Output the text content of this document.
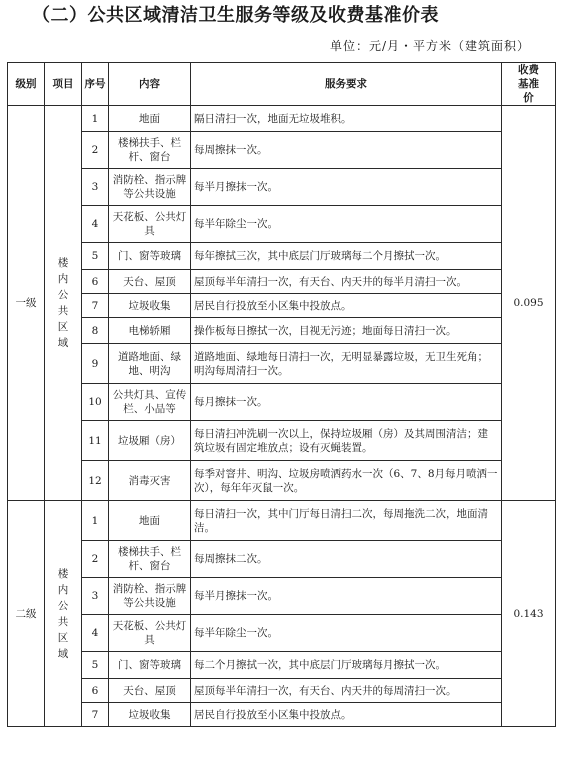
（二）公共区域清洁卫生服务等级及收费基准价表
单位：元/月・平方米（建筑面积）
级别	项目	序号	内容	服务要求	收费基准价

一级	楼内公共区域	1	地面	隔日清扫一次，地面无垃圾堆积。	0.095
		2	楼梯扶手、栏杆、窗台	每周擦抹一次。	
		3	消防栓、指示牌等公共设施	每半月擦抹一次。	
		4	天花板、公共灯具	每半年除尘一次。	
		5	门、窗等玻璃	每年擦拭三次，其中底层门厅玻璃每二个月擦拭一次。	
		6	天台、屋顶	屋顶每半年清扫一次，有天台、内天井的每半月清扫一次。	
		7	垃圾收集	居民自行投放至小区集中投放点。	
		8	电梯轿厢	操作板每日擦拭一次，目视无污迹；地面每日清扫一次。	
		9	道路地面、绿地、明沟	道路地面、绿地每日清扫一次，无明显暴露垃圾，无卫生死角；明沟每周清扫一次。	
		10	公共灯具、宣传栏、小品等	每月擦抹一次。	
		11	垃圾厢（房）	每日清扫冲洗刷一次以上，保持垃圾厢（房）及其周围清洁；建筑垃圾有固定堆放点；设有灭蝇装置。	
		12	消毒灭害	每季对窨井、明沟、垃圾房喷洒药水一次（6、7、8月每月喷洒一次），每年年灭鼠一次。	
二级	楼内公共区域	1	地面	每日清扫一次，其中门厅每日清扫二次，每周拖洗二次，地面清洁。	0.143
		2	楼梯扶手、栏杆、窗台	每周擦抹二次。	
		3	消防栓、指示牌等公共设施	每半月擦抹一次。	
		4	天花板、公共灯具	每半年除尘一次。	
		5	门、窗等玻璃	每二个月擦拭一次，其中底层门厅玻璃每月擦拭一次。	
		6	天台、屋顶	屋顶每半年清扫一次，有天台、内天井的每周清扫一次。	
		7	垃圾收集	居民自行投放至小区集中投放点。	
